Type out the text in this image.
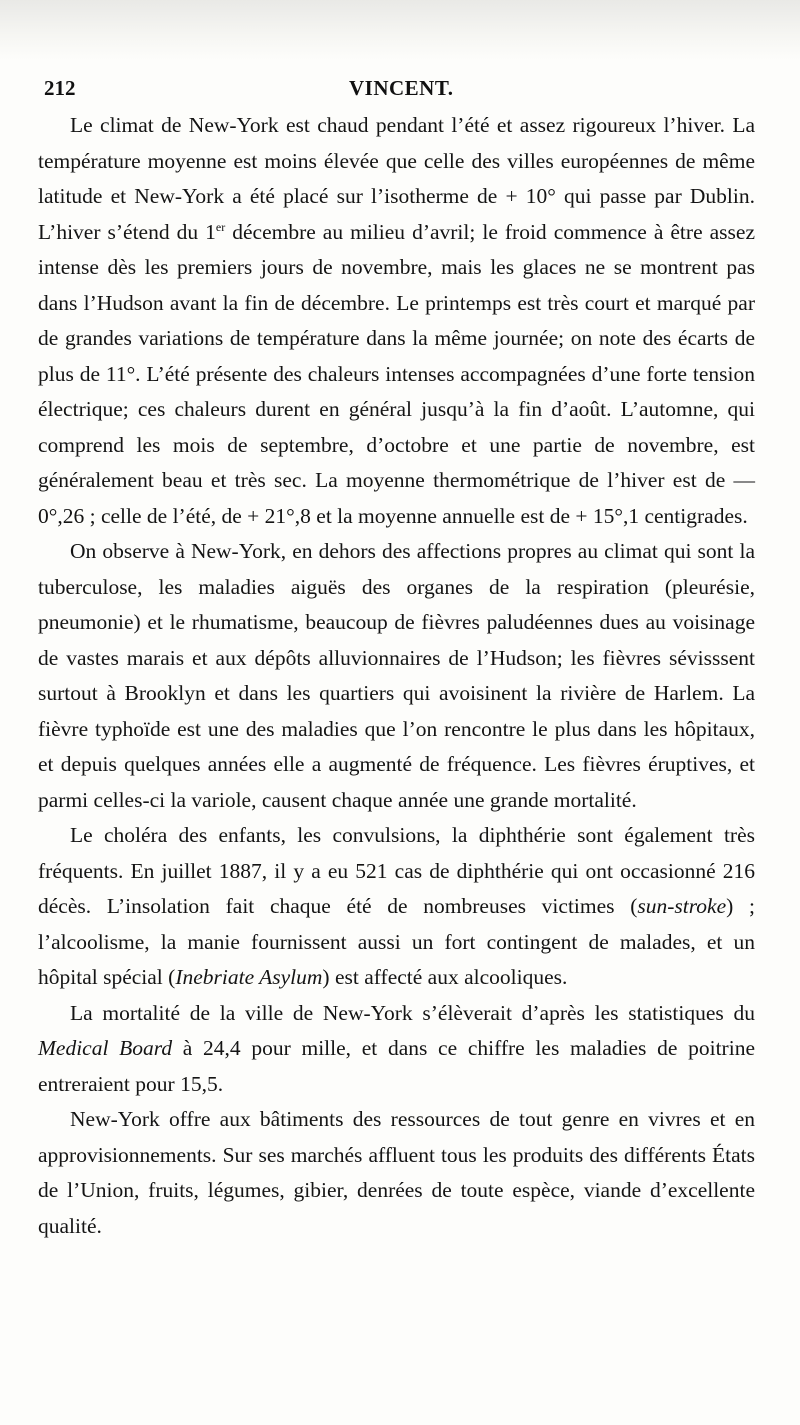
212	VINCENT.

Le climat de New-York est chaud pendant l’été et assez rigoureux l’hiver. La température moyenne est moins élevée que celle des villes européennes de même latitude et New-York a été placé sur l’isotherme de + 10° qui passe par Dublin. L’hiver s’étend du 1er décembre au milieu d’avril; le froid commence à être assez intense dès les premiers jours de novembre, mais les glaces ne se montrent pas dans l’Hudson avant la fin de décembre. Le printemps est très court et marqué par de grandes variations de température dans la même journée; on note des écarts de plus de 11°. L’été présente des chaleurs intenses accompagnées d’une forte tension électrique; ces chaleurs durent en général jusqu’à la fin d’août. L’automne, qui comprend les mois de septembre, d’octobre et une partie de novembre, est généralement beau et très sec. La moyenne thermométrique de l’hiver est de — 0°,26 ; celle de l’été, de + 21°,8 et la moyenne annuelle est de + 15°,1 centigrades.

On observe à New-York, en dehors des affections propres au climat qui sont la tuberculose, les maladies aiguës des organes de la respiration (pleurésie, pneumonie) et le rhumatisme, beaucoup de fièvres paludéennes dues au voisinage de vastes marais et aux dépôts alluvionnaires de l’Hudson; les fièvres sévisssent surtout à Brooklyn et dans les quartiers qui avoisinent la rivière de Harlem. La fièvre typhoïde est une des maladies que l’on rencontre le plus dans les hôpitaux, et depuis quelques années elle a augmenté de fréquence. Les fièvres éruptives, et parmi celles-ci la variole, causent chaque année une grande mortalité.

Le choléra des enfants, les convulsions, la diphthérie sont également très fréquents. En juillet 1887, il y a eu 521 cas de diphthérie qui ont occasionné 216 décès. L’insolation fait chaque été de nombreuses victimes (sun-stroke) ; l’alcoolisme, la manie fournissent aussi un fort contingent de malades, et un hôpital spécial (Inebriate Asylum) est affecté aux alcooliques.

La mortalité de la ville de New-York s’élèverait d’après les statistiques du Medical Board à 24,4 pour mille, et dans ce chiffre les maladies de poitrine entreraient pour 15,5.

New-York offre aux bâtiments des ressources de tout genre en vivres et en approvisionnements. Sur ses marchés affluent tous les produits des différents États de l’Union, fruits, légumes, gibier, denrées de toute espèce, viande d’excellente qualité.
